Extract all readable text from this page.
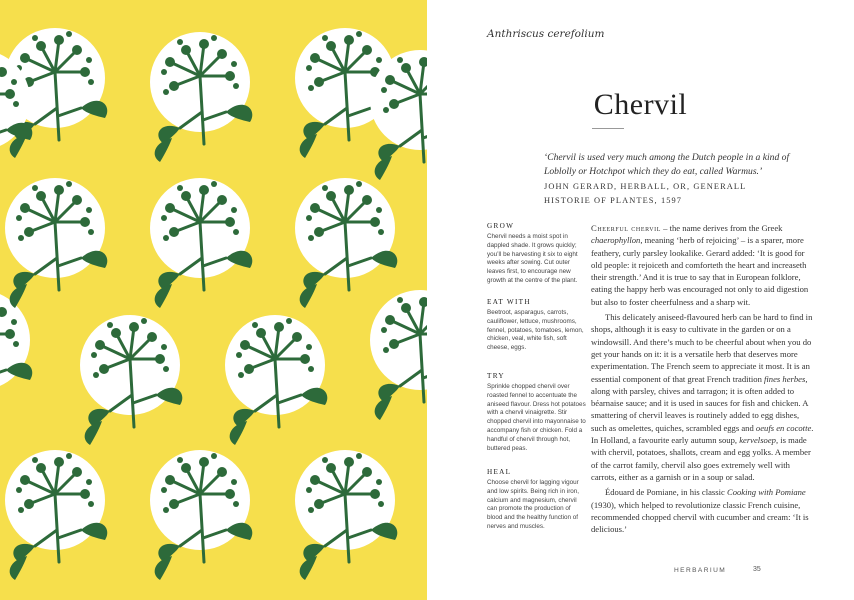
Anthriscus cerefolium
Chervil
‘Chervil is used very much among the Dutch people in a kind of Loblolly or Hotchpot which they do eat, called Warmus.’
JOHN GERARD, HERBALL, OR, GENERALL HISTORIE OF PLANTES, 1597
GROW

Chervil needs a moist spot in dappled shade. It grows quickly; you’ll be harvesting it six to eight weeks after sowing. Cut outer leaves first, to encourage new growth at the centre of the plant.

EAT WITH

Beetroot, asparagus, carrots, cauliflower, lettuce, mushrooms, fennel, potatoes, tomatoes, lemon, chicken, veal, white fish, soft cheese, eggs.

TRY

Sprinkle chopped chervil over roasted fennel to accentuate the aniseed flavour. Dress hot potatoes with a chervil vinaigrette. Stir chopped chervil into mayonnaise to accompany fish or chicken. Fold a handful of chervil through hot, buttered peas.

HEAL

Choose chervil for lagging vigour and low spirits. Being rich in iron, calcium and magnesium, chervil can promote the production of blood and the healthy function of nerves and muscles.

Cheerful chervil – the name derives from the Greek chaerophyllon, meaning ‘herb of rejoicing’ – is a sparer, more feathery, curly parsley lookalike. Gerard added: ‘It is good for old people: it rejoiceth and comforteth the heart and increaseth their strength.’ And it is true to say that in European folklore, eating the happy herb was encouraged not only to aid digestion but also to foster cheerfulness and a sharp wit.

This delicately aniseed-flavoured herb can be hard to find in shops, although it is easy to cultivate in the garden or on a windowsill. And there’s much to be cheerful about when you do get your hands on it: it is a versatile herb that deserves more experimentation. The French seem to appreciate it most. It is an essential component of that great French tradition fines herbes, along with parsley, chives and tarragon; it is often added to béarnaise sauce; and it is used in sauces for fish and chicken. A smattering of chervil leaves is routinely added to egg dishes, such as omelettes, quiches, scrambled eggs and oeufs en cocotte. In Holland, a favourite early autumn soup, kervelsoep, is made with chervil, potatoes, shallots, cream and egg yolks. A member of the carrot family, chervil also goes extremely well with carrots, either as a garnish or in a soup or salad.

Édouard de Pomiane, in his classic Cooking with Pomiane (1930), which helped to revolutionize classic French cuisine, recommended chopped chervil with cucumber and cream: ‘It is delicious.’

HERBARIUM	35
